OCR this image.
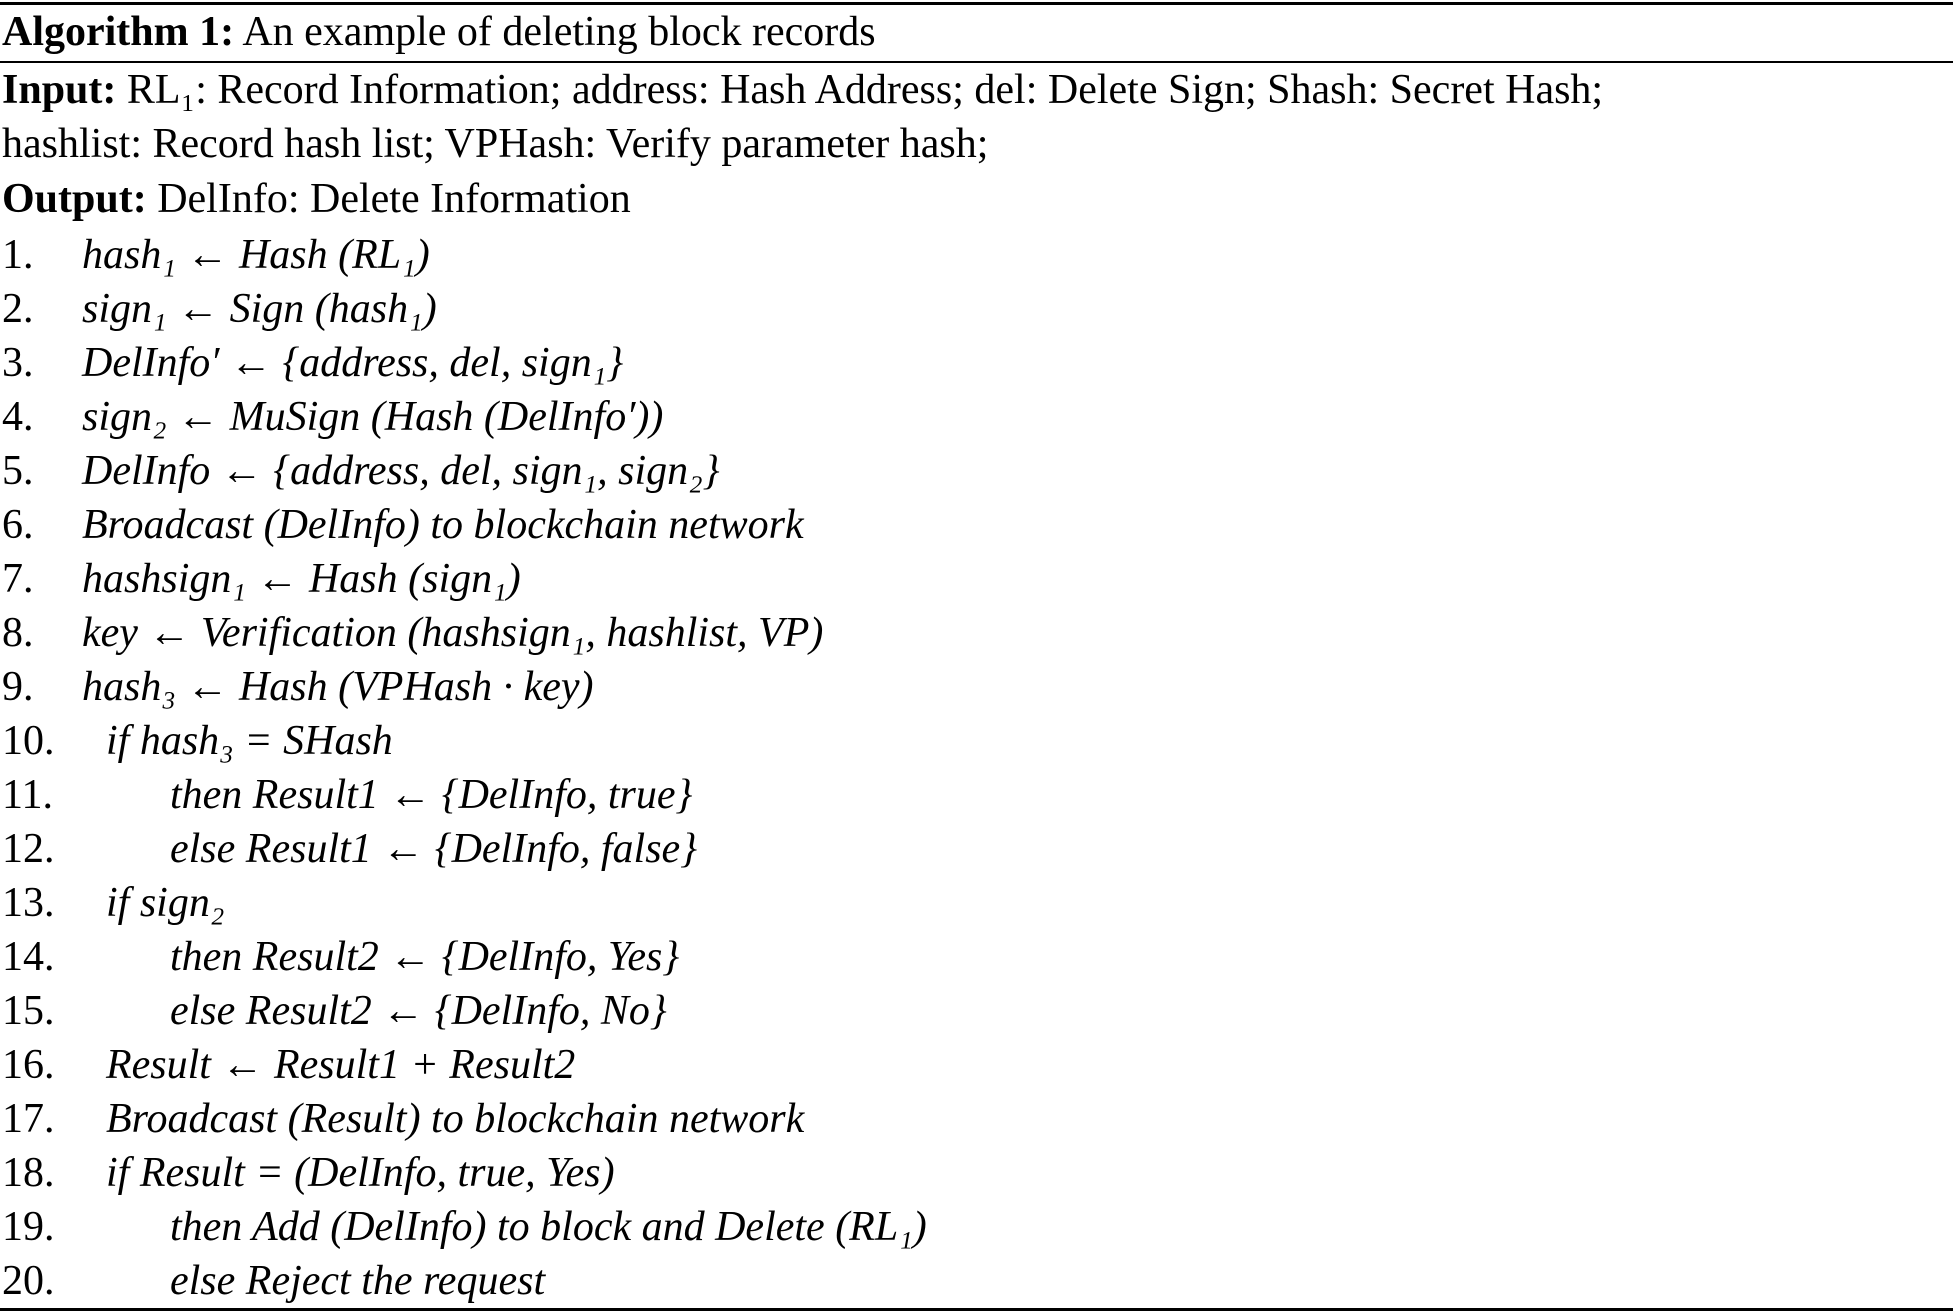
Algorithm 1: An example of deleting block records
Input: RL₁: Record Information; address: Hash Address; del: Delete Sign; Shash: Secret Hash;
hashlist: Record hash list; VPHash: Verify parameter hash;
Output: DelInfo: Delete Information
1. hash₁ ← Hash (RL₁)
2. sign₁ ← Sign (hash₁)
3. DelInfo′ ← {address, del, sign₁}
4. sign₂ ← MuSign (Hash (DelInfo′))
5. DelInfo ← {address, del, sign₁, sign₂}
6. Broadcast (DelInfo) to blockchain network
7. hashsign₁ ← Hash (sign₁)
8. key ← Verification (hashsign₁, hashlist, VP)
9. hash₃ ← Hash (VPHash · key)
10. if hash₃ = SHash
11.	then Result1 ← {DelInfo, true}
12.	else Result1 ← {DelInfo, false}
13. if sign₂
14.	then Result2 ← {DelInfo, Yes}
15.	else Result2 ← {DelInfo, No}
16. Result ← Result1 + Result2
17. Broadcast (Result) to blockchain network
18. if Result = (DelInfo, true, Yes)
19.	then Add (DelInfo) to block and Delete (RL₁)
20.	else Reject the request
